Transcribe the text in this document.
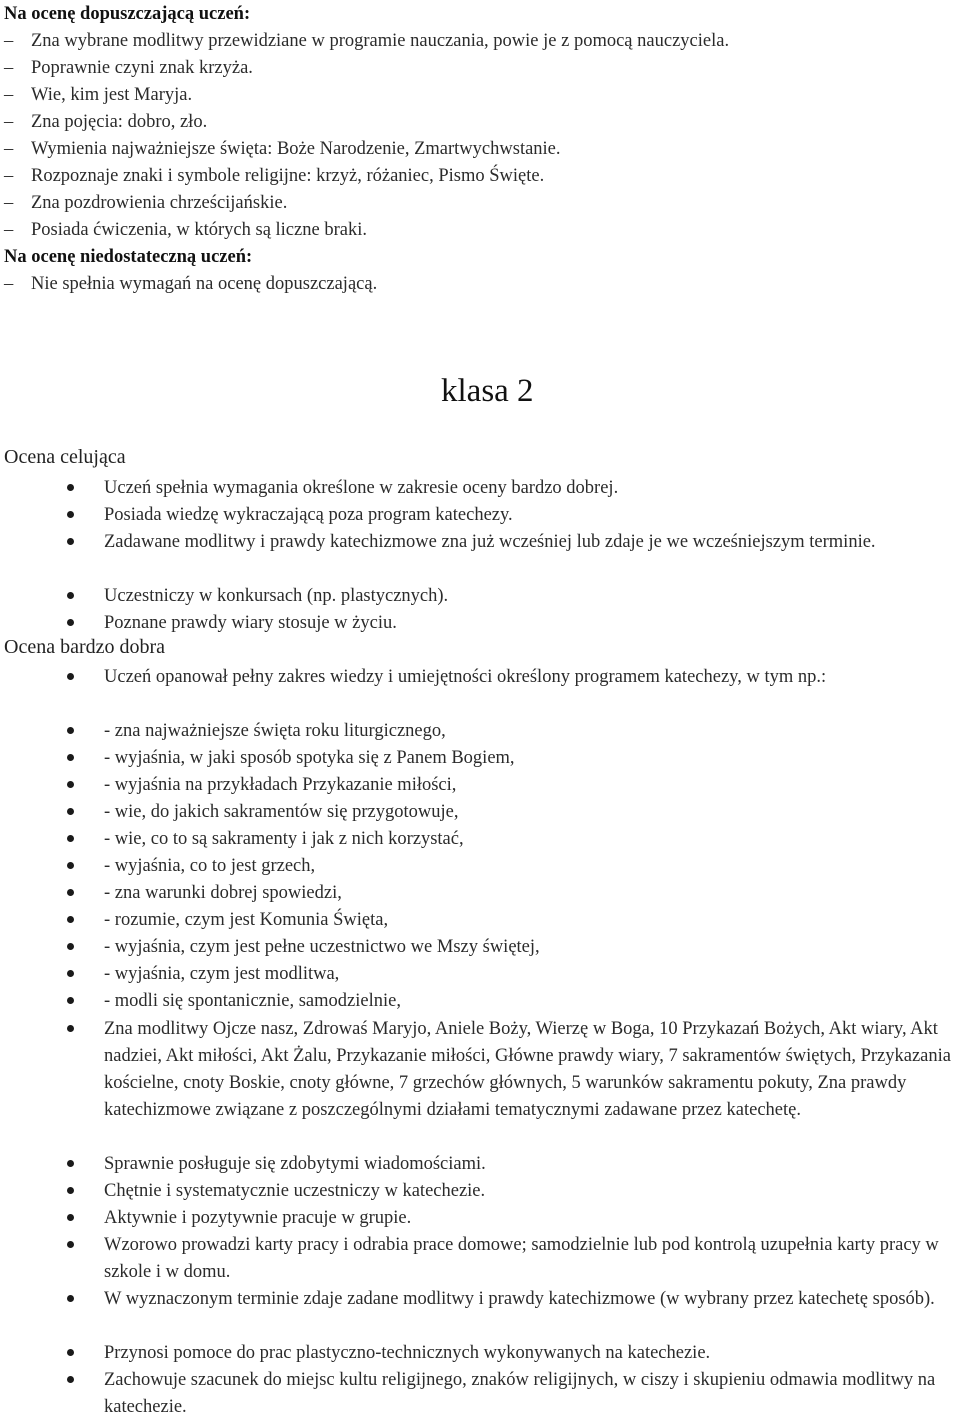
Na ocenę dopuszczającą uczeń:
– Zna wybrane modlitwy przewidziane w programie nauczania, powie je z pomocą nauczyciela.
– Poprawnie czyni znak krzyża.
– Wie, kim jest Maryja.
– Zna pojęcia: dobro, zło.
– Wymienia najważniejsze święta: Boże Narodzenie, Zmartwychwstanie.
– Rozpoznaje znaki i symbole religijne: krzyż, różaniec, Pismo Święte.
– Zna pozdrowienia chrześcijańskie.
– Posiada ćwiczenia, w których są liczne braki.
Na ocenę niedostateczną uczeń:
– Nie spełnia wymagań na ocenę dopuszczającą.
klasa 2
Ocena celująca
Uczeń spełnia wymagania określone w zakresie oceny bardzo dobrej.
Posiada wiedzę wykraczającą poza program katechezy.
Zadawane modlitwy i prawdy katechizmowe zna już wcześniej lub zdaje je we wcześniejszym terminie.
Uczestniczy w konkursach (np. plastycznych).
Poznane prawdy wiary stosuje w życiu.
Ocena bardzo dobra
Uczeń opanował pełny zakres wiedzy i umiejętności określony programem katechezy, w tym np.:
- zna najważniejsze święta roku liturgicznego,
- wyjaśnia, w jaki sposób spotyka się z Panem Bogiem,
- wyjaśnia na przykładach Przykazanie miłości,
- wie, do jakich sakramentów się przygotowuje,
- wie, co to są sakramenty i jak z nich korzystać,
- wyjaśnia, co to jest grzech,
- zna warunki dobrej spowiedzi,
- rozumie, czym jest Komunia Święta,
- wyjaśnia, czym jest pełne uczestnictwo we Mszy świętej,
- wyjaśnia, czym jest modlitwa,
- modli się spontanicznie, samodzielnie,
Zna modlitwy Ojcze nasz, Zdrowaś Maryjo, Aniele Boży, Wierzę w Boga, 10 Przykazań Bożych, Akt wiary, Akt nadziei, Akt miłości, Akt Żalu, Przykazanie miłości, Główne prawdy wiary, 7 sakramentów świętych, Przykazania kościelne, cnoty Boskie, cnoty główne, 7 grzechów głównych, 5 warunków sakramentu pokuty, Zna prawdy katechizmowe związane z poszczególnymi działami tematycznymi zadawane przez katechetę.
Sprawnie posługuje się zdobytymi wiadomościami.
Chętnie i systematycznie uczestniczy w katechezie.
Aktywnie i pozytywnie pracuje w grupie.
Wzorowo prowadzi karty pracy i odrabia prace domowe; samodzielnie lub pod kontrolą uzupełnia karty pracy w szkole i w domu.
W wyznaczonym terminie zdaje zadane modlitwy i prawdy katechizmowe (w wybrany przez katechetę sposób).
Przynosi pomoce do prac plastyczno-technicznych wykonywanych na katechezie.
Zachowuje szacunek do miejsc kultu religijnego, znaków religijnych, w ciszy i skupieniu odmawia modlitwy na katechezie.
